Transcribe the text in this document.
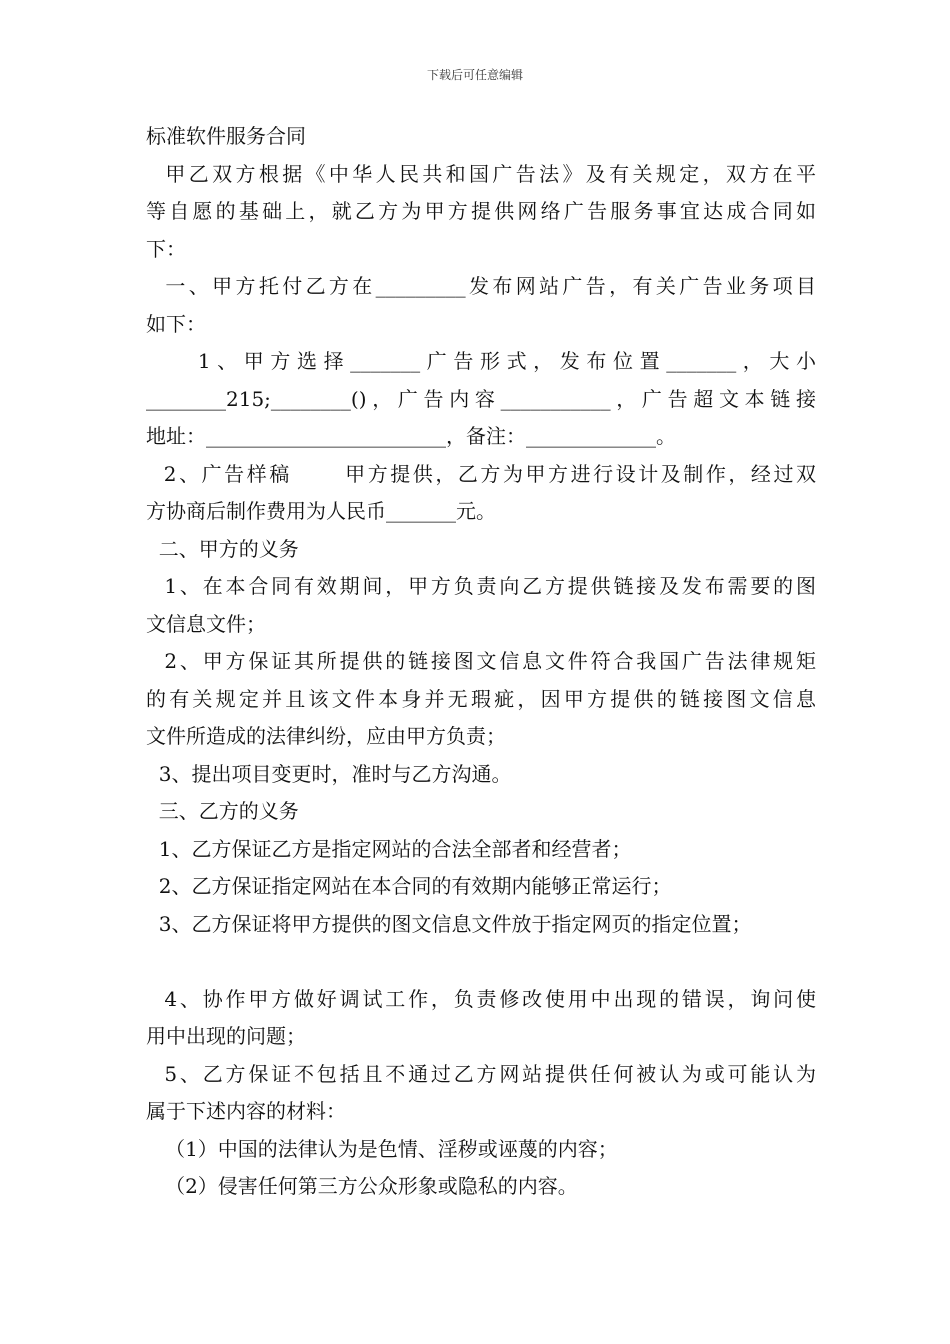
下载后可任意编辑
标准软件服务合同
甲乙双方根据《中华人民共和国广告法》及有关规定，双方在平
等自愿的基础上，就乙方为甲方提供网络广告服务事宜达成合同如
下：
一、甲方托付乙方在_________发布网站广告，有关广告业务项目
如下：
1、甲方选择_______广告形式，发布位置_______，大小
________215;________()，广告内容___________，广告超文本链接
地址：________________________，备注：_____________。
2、广告样稿      甲方提供，乙方为甲方进行设计及制作，经过双
方协商后制作费用为人民币_______元。
二、甲方的义务
1、在本合同有效期间，甲方负责向乙方提供链接及发布需要的图
文信息文件；
2、甲方保证其所提供的链接图文信息文件符合我国广告法律规矩
的有关规定并且该文件本身并无瑕疵，因甲方提供的链接图文信息
文件所造成的法律纠纷，应由甲方负责；
3、提出项目变更时，准时与乙方沟通。
三、乙方的义务
1、乙方保证乙方是指定网站的合法全部者和经营者；
2、乙方保证指定网站在本合同的有效期内能够正常运行；
3、乙方保证将甲方提供的图文信息文件放于指定网页的指定位置；
4、协作甲方做好调试工作，负责修改使用中出现的错误，询问使
用中出现的问题；
5、乙方保证不包括且不通过乙方网站提供任何被认为或可能认为
属于下述内容的材料：
（1）中国的法律认为是色情、淫秽或诬蔑的内容；
（2）侵害任何第三方公众形象或隐私的内容。
